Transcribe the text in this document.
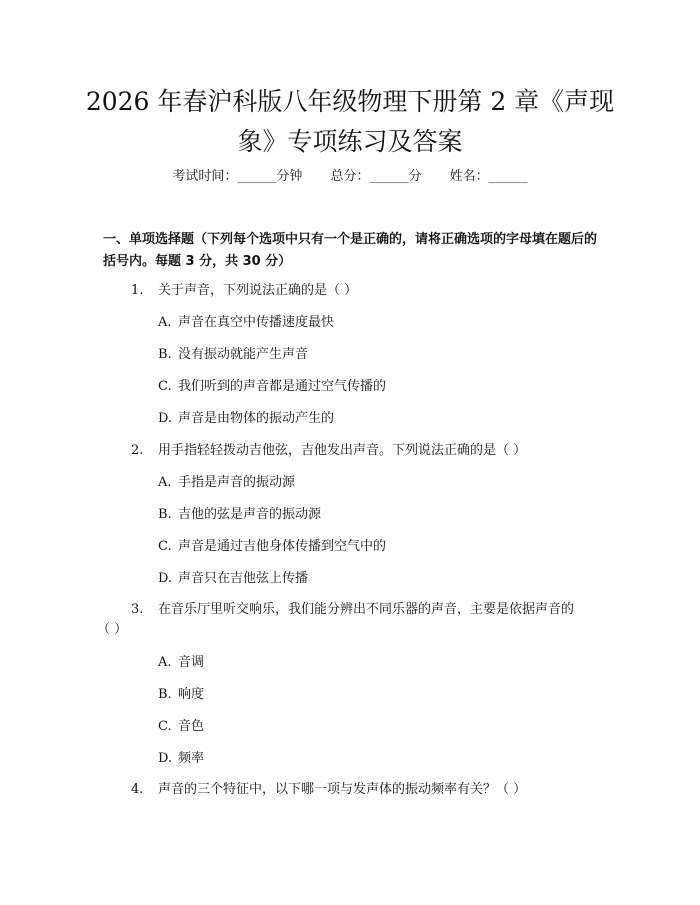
2026 年春沪科版八年级物理下册第 2 章《声现象》专项练习及答案
考试时间：______分钟 总分：______分 姓名：______

一、单项选择题（下列每个选项中只有一个是正确的，请将正确选项的字母填在题后的括号内。每题 3 分，共 30 分）

1. 关于声音，下列说法正确的是（ ）
A. 声音在真空中传播速度最快
B. 没有振动就能产生声音
C. 我们听到的声音都是通过空气传播的
D. 声音是由物体的振动产生的
2. 用手指轻轻拨动吉他弦，吉他发出声音。下列说法正确的是（ ）
A. 手指是声音的振动源
B. 吉他的弦是声音的振动源
C. 声音是通过吉他身体传播到空气中的
D. 声音只在吉他弦上传播
3. 在音乐厅里听交响乐，我们能分辨出不同乐器的声音，主要是依据声音的
（ ）
A. 音调
B. 响度
C. 音色
D. 频率
4. 声音的三个特征中，以下哪一项与发声体的振动频率有关？（ ）
